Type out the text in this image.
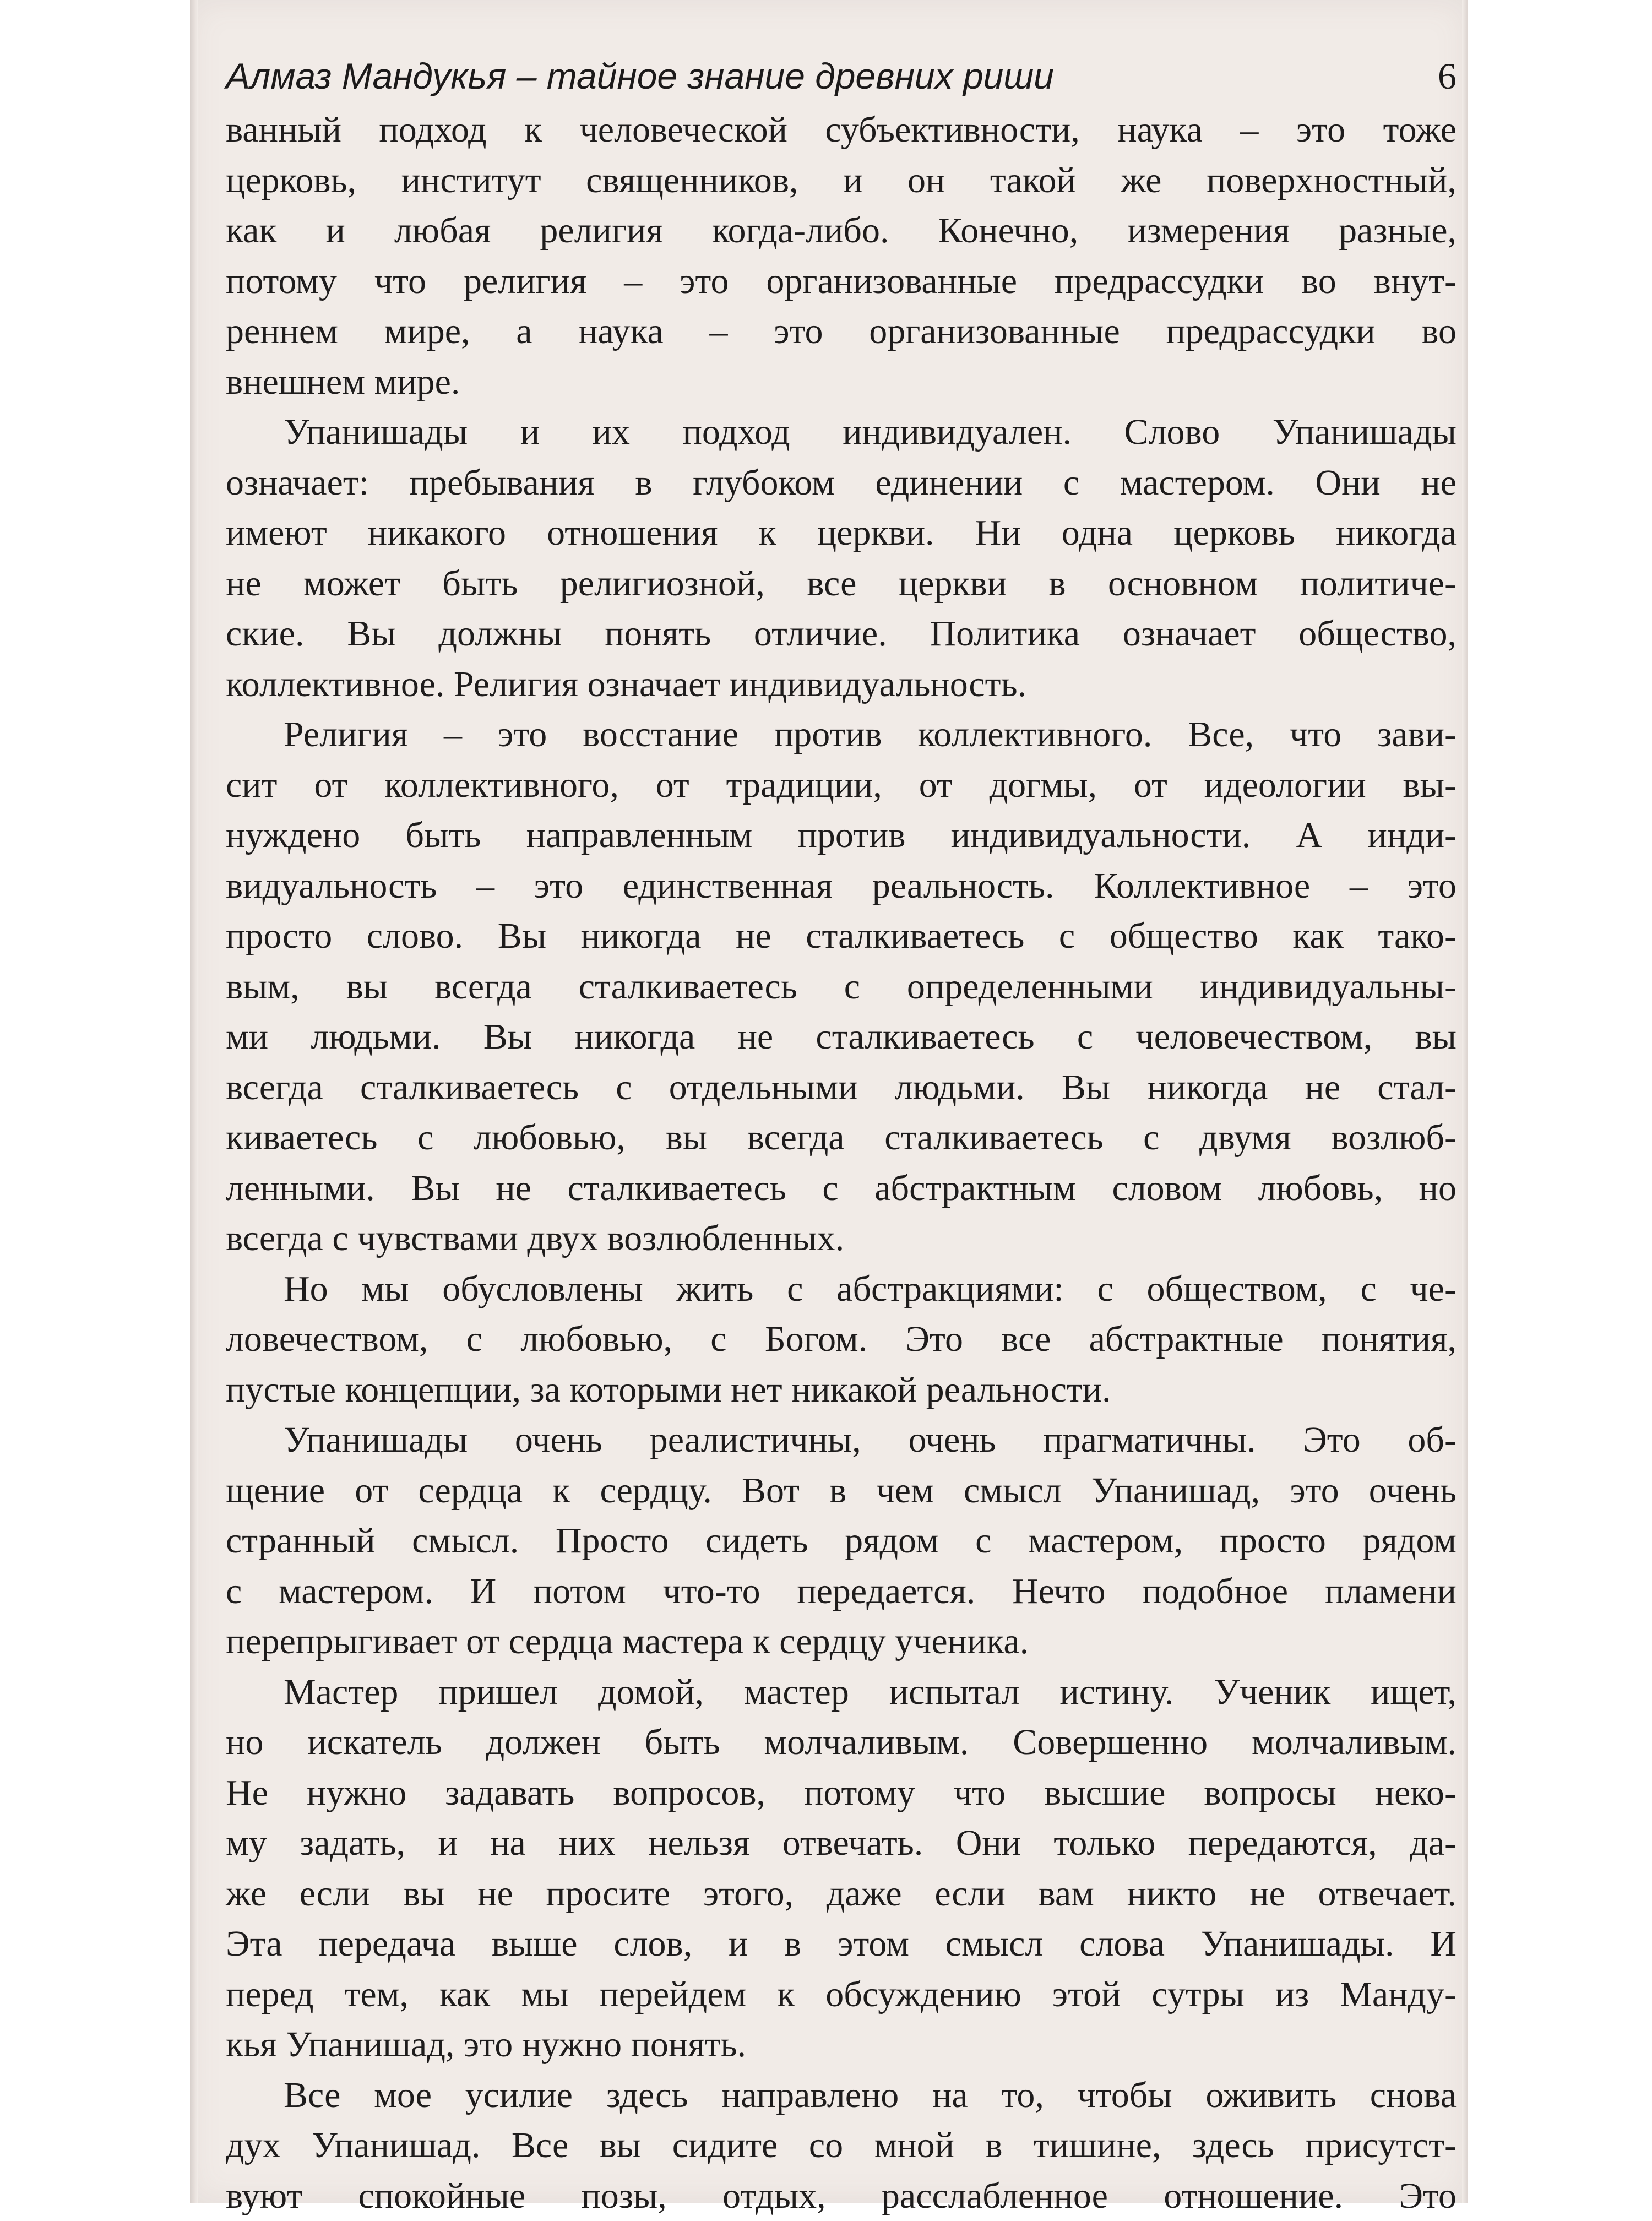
Алмаз Мандукья – тайное знание древних риши	6

ванный подход к человеческой субъективности, наука – это тоже
церковь, институт священников, и он такой же поверхностный,
как и любая религия когда-либо. Конечно, измерения разные,
потому что религия – это организованные предрассудки во внут-
реннем мире, а наука – это организованные предрассудки во
внешнем мире.

Упанишады и их подход индивидуален. Слово Упанишады
означает: пребывания в глубоком единении с мастером. Они не
имеют никакого отношения к церкви. Ни одна церковь никогда
не может быть религиозной, все церкви в основном политиче-
ские. Вы должны понять отличие. Политика означает общество,
коллективное. Религия означает индивидуальность.

Религия – это восстание против коллективного. Все, что зави-
сит от коллективного, от традиции, от догмы, от идеологии вы-
нуждено быть направленным против индивидуальности. А инди-
видуальность – это единственная реальность. Коллективное – это
просто слово. Вы никогда не сталкиваетесь с общество как тако-
вым, вы всегда сталкиваетесь с определенными индивидуальны-
ми людьми. Вы никогда не сталкиваетесь с человечеством, вы
всегда сталкиваетесь с отдельными людьми. Вы никогда не стал-
киваетесь с любовью, вы всегда сталкиваетесь с двумя возлюб-
ленными. Вы не сталкиваетесь с абстрактным словом любовь, но
всегда с чувствами двух возлюбленных.

Но мы обусловлены жить с абстракциями: с обществом, с че-
ловечеством, с любовью, с Богом. Это все абстрактные понятия,
пустые концепции, за которыми нет никакой реальности.

Упанишады очень реалистичны, очень прагматичны. Это об-
щение от сердца к сердцу. Вот в чем смысл Упанишад, это очень
странный смысл. Просто сидеть рядом с мастером, просто рядом
с мастером. И потом что-то передается. Нечто подобное пламени
перепрыгивает от сердца мастера к сердцу ученика.

Мастер пришел домой, мастер испытал истину. Ученик ищет,
но искатель должен быть молчаливым. Совершенно молчаливым.
Не нужно задавать вопросов, потому что высшие вопросы неко-
му задать, и на них нельзя отвечать. Они только передаются, да-
же если вы не просите этого, даже если вам никто не отвечает.
Эта передача выше слов, и в этом смысл слова Упанишады. И
перед тем, как мы перейдем к обсуждению этой сутры из Манду-
кья Упанишад, это нужно понять.

Все мое усилие здесь направлено на то, чтобы оживить снова
дух Упанишад. Все вы сидите со мной в тишине, здесь присутст-
вуют спокойные позы, отдых, расслабленное отношение. Это
